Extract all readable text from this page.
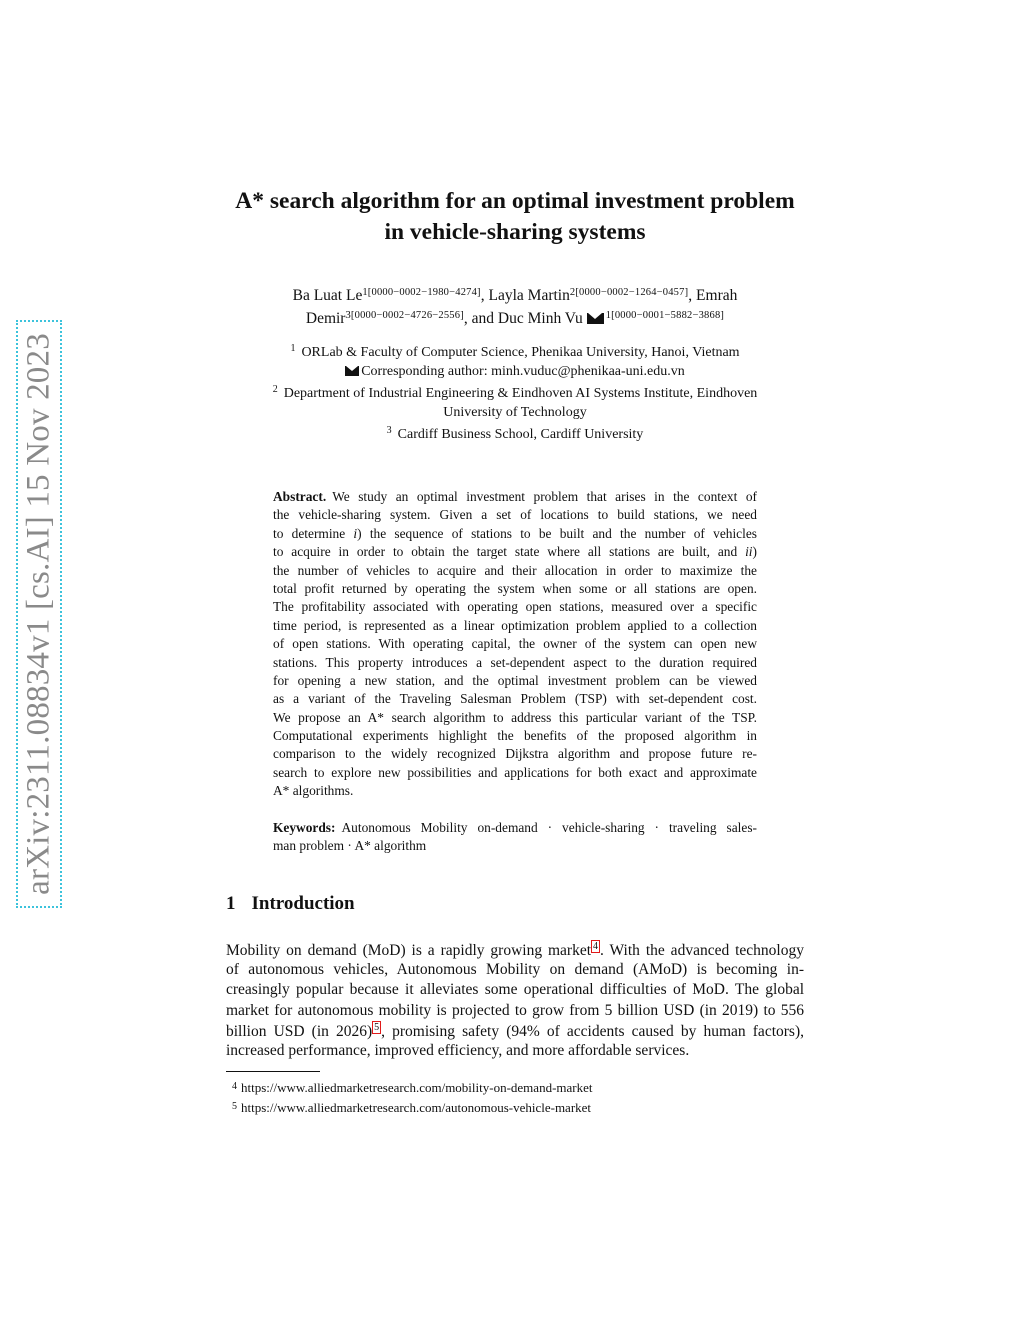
arXiv:2311.08834v1 [cs.AI] 15 Nov 2023
A* search algorithm for an optimal investment problem
in vehicle-sharing systems
Ba Luat $Le^{1[0000-0002-1980-4274]}$, Layla Martin$^{2[0000-0002-1264-0457]}$, Emrah
Demir$^{3[0000-0002-4726-2556]}$, and Duc Minh Vu $^{1[0000-0001-5882-3868]}$
$^1$ ORLab & Faculty of Computer Science, Phenikaa University, Hanoi, Vietnam
Corresponding author: minh.vuduc@phenikaa-uni.edu.vn
$^2$ Department of Industrial Engineering & Eindhoven AI Systems Institute, Eindhoven
University of Technology
$^3$ Cardiff Business School, Cardiff University
Abstract. We study an optimal investment problem that arises in the context of
the vehicle-sharing system. Given a set of locations to build stations, we need
to determine i) the sequence of stations to be built and the number of vehicles
to acquire in order to obtain the target state where all stations are built, and ii)
the number of vehicles to acquire and their allocation in order to maximize the
total profit returned by operating the system when some or all stations are open.
The profitability associated with operating open stations, measured over a specific
time period, is represented as a linear optimization problem applied to a collection
of open stations. With operating capital, the owner of the system can open new
stations. This property introduces a set-dependent aspect to the duration required
for opening a new station, and the optimal investment problem can be viewed
as a variant of the Traveling Salesman Problem (TSP) with set-dependent cost.
We propose an A* search algorithm to address this particular variant of the TSP.
Computational experiments highlight the benefits of the proposed algorithm in
comparison to the widely recognized Dijkstra algorithm and propose future re-
search to explore new possibilities and applications for both exact and approximate
A* algorithms.
Keywords: Autonomous Mobility on-demand · vehicle-sharing · traveling sales-
man problem · A* algorithm
1 Introduction
Mobility on demand (MoD) is a rapidly growing market 4 . With the advanced technology
of autonomous vehicles, Autonomous Mobility on demand (AMoD) is becoming in-
creasingly popular because it alleviates some operational difficulties of MoD. The global
market for autonomous mobility is projected to grow from 5 billion USD (in 2019) to 556
billion USD (in 2026) 5 , promising safety (94% of accidents caused by human factors),
increased performance, improved efficiency, and more affordable services.
$^4$ https://www.alliedmarketresearch.com/mobility-on-demand-market
$^5$ https://www.alliedmarketresearch.com/autonomous-vehicle-market
